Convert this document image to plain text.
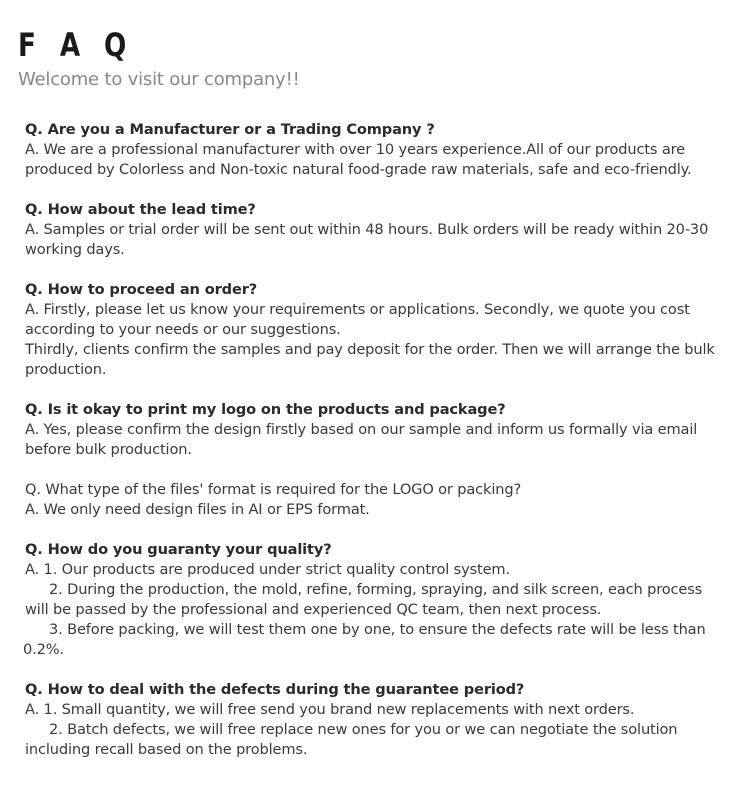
F A Q
Welcome to visit our company!!
Q. Are you a Manufacturer or a Trading Company ?
A. We are a professional manufacturer with over 10 years experience.All of our products are
produced by Colorless and Non-toxic natural food-grade raw materials, safe and eco-friendly.
Q. How about the lead time?
A. Samples or trial order will be sent out within 48 hours. Bulk orders will be ready within 20-30
working days.
Q. How to proceed an order?
A. Firstly, please let us know your requirements or applications. Secondly, we quote you cost
according to your needs or our suggestions.
Thirdly, clients confirm the samples and pay deposit for the order. Then we will arrange the bulk
production.
Q. Is it okay to print my logo on the products and package?
A. Yes, please confirm the design firstly based on our sample and inform us formally via email
before bulk production.
Q. What type of the files' format is required for the LOGO or packing?
A. We only need design files in AI or EPS format.
Q. How do you guaranty your quality?
A. 1. Our products are produced under strict quality control system.
2. During the production, the mold, refine, forming, spraying, and silk screen, each process
will be passed by the professional and experienced QC team, then next process.
3. Before packing, we will test them one by one, to ensure the defects rate will be less than
0.2%.
Q. How to deal with the defects during the guarantee period?
A. 1. Small quantity, we will free send you brand new replacements with next orders.
2. Batch defects, we will free replace new ones for you or we can negotiate the solution
including recall based on the problems.
